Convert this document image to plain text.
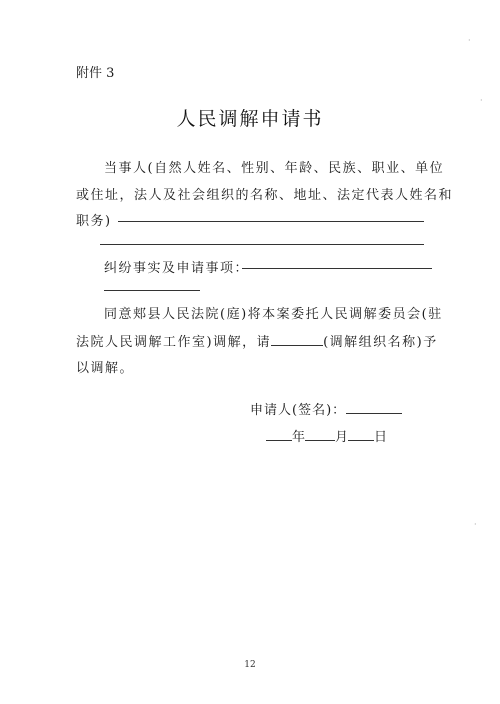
附件 3
人民调解申请书
当事人(自然人姓名、性别、年龄、民族、职业、单位
或住址，法人及社会组织的名称、地址、法定代表人姓名和
职务)
纠纷事实及申请事项：
同意郏县人民法院(庭)将本案委托人民调解委员会(驻
法院人民调解工作室)调解，请	(调解组织名称)予
以调解。
申请人(签名)：
年 月 日
12
·
·
·
